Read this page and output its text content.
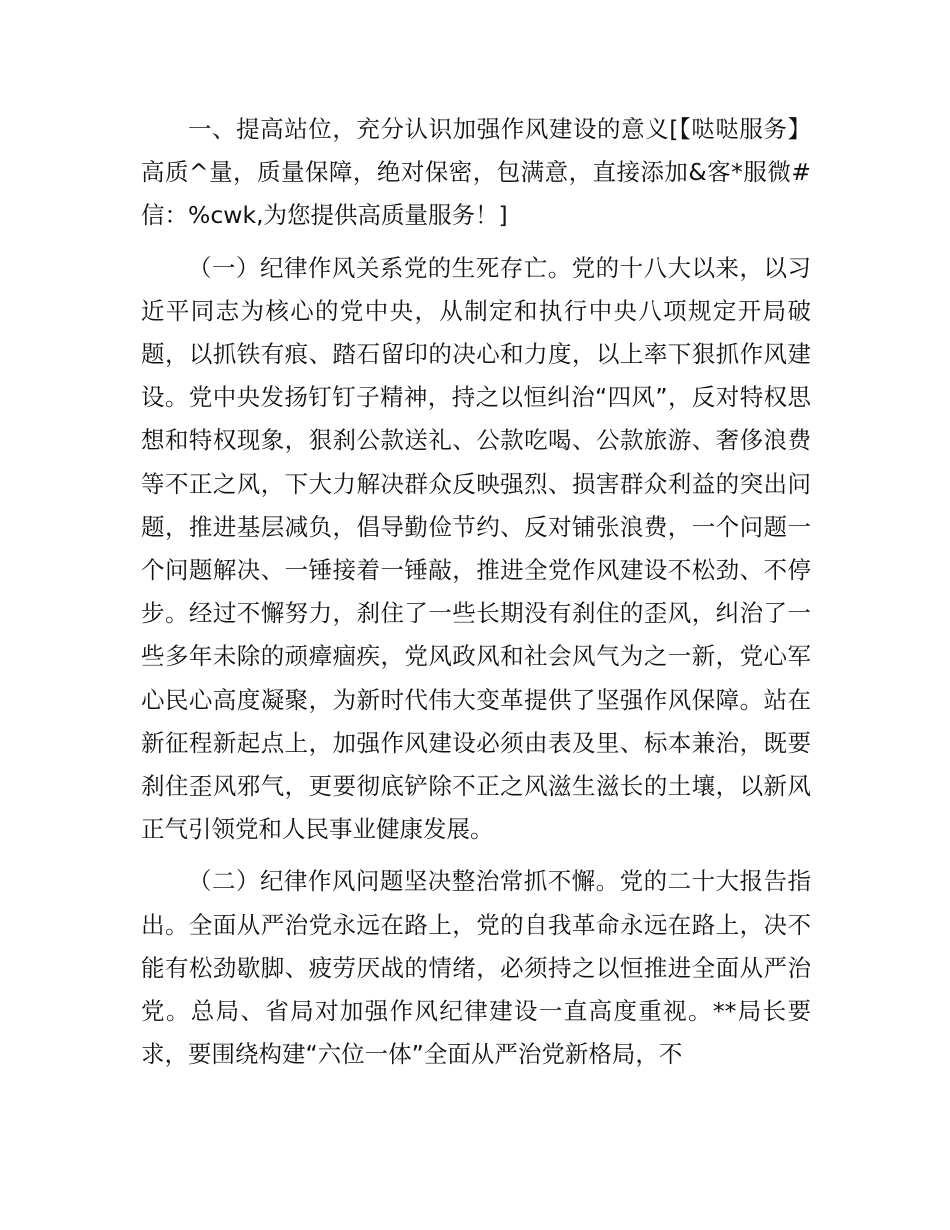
一、提高站位，充分认识加强作风建设的意义[【哒哒服务】高质^量，质量保障，绝对保密，包满意，直接添加&客*服微#信：%cwk,为您提供高质量服务！]

（一）纪律作风关系党的生死存亡。党的十八大以来，以习近平同志为核心的党中央，从制定和执行中央八项规定开局破题，以抓铁有痕、踏石留印的决心和力度，以上率下狠抓作风建设。党中央发扬钉钉子精神，持之以恒纠治“四风”，反对特权思想和特权现象，狠刹公款送礼、公款吃喝、公款旅游、奢侈浪费等不正之风，下大力解决群众反映强烈、损害群众利益的突出问题，推进基层减负，倡导勤俭节约、反对铺张浪费，一个问题一个问题解决、一锤接着一锤敲，推进全党作风建设不松劲、不停步。经过不懈努力，刹住了一些长期没有刹住的歪风，纠治了一些多年未除的顽瘴痼疾，党风政风和社会风气为之一新，党心军心民心高度凝聚，为新时代伟大变革提供了坚强作风保障。站在新征程新起点上，加强作风建设必须由表及里、标本兼治，既要刹住歪风邪气，更要彻底铲除不正之风滋生滋长的土壤，以新风正气引领党和人民事业健康发展。

（二）纪律作风问题坚决整治常抓不懈。党的二十大报告指出。全面从严治党永远在路上，党的自我革命永远在路上，决不能有松劲歇脚、疲劳厌战的情绪，必须持之以恒推进全面从严治党。总局、省局对加强作风纪律建设一直高度重视。**局长要求，要围绕构建“六位一体”全面从严治党新格局，不
